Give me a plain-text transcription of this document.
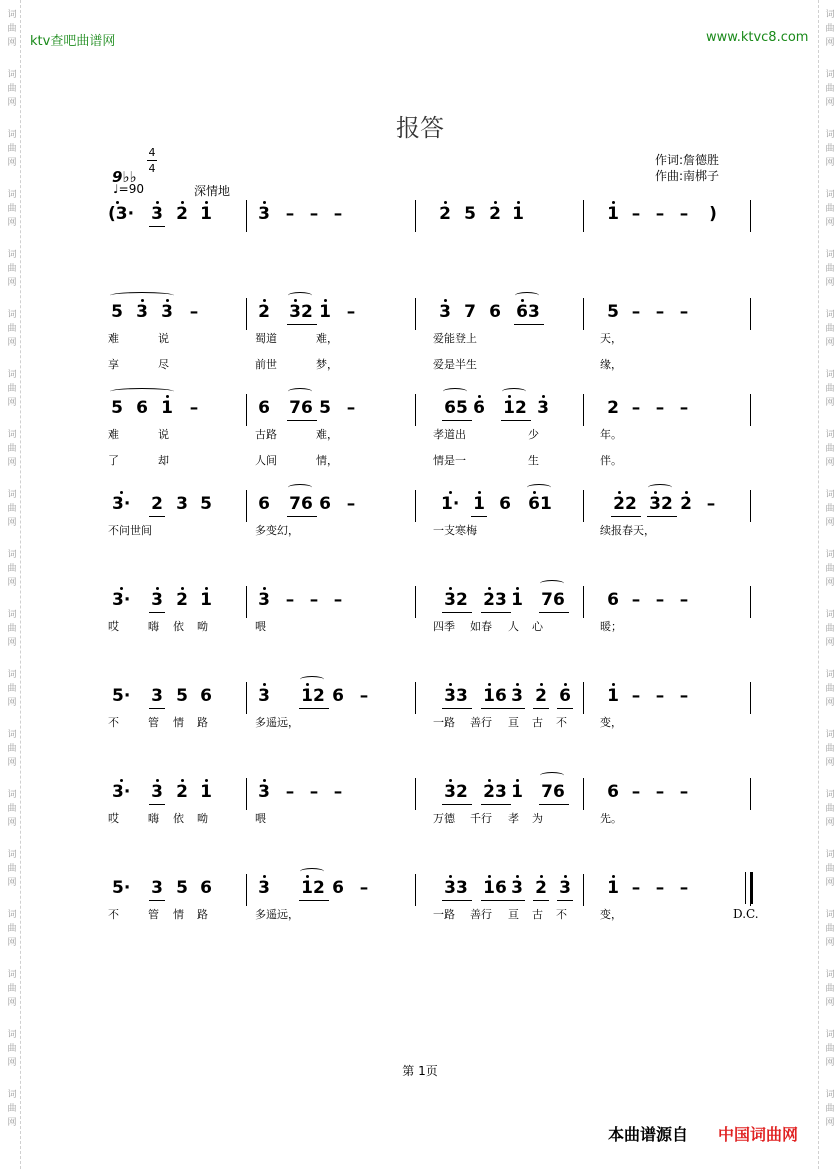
词
曲
网
词
曲
网
词
曲
网
词
曲
网
词
曲
网
词
曲
网
词
曲
网
词
曲
网
词
曲
网
词
曲
网
词
曲
网
词
曲
网
词
曲
网
词
曲
网
词
曲
网
词
曲
网
词
曲
网
词
曲
网
词
曲
网
词
曲
网
词
曲
网
词
曲
网
词
曲
网
词
曲
网
词
曲
网
词
曲
网
词
曲
网
词
曲
网
词
曲
网
词
曲
网
词
曲
网
词
曲
网
词
曲
网
词
曲
网
词
曲
网
词
曲
网
词
曲
网
词
曲
网
ktv查吧曲谱网	www.ktvc8.com
报答
作词:詹德胜
作曲:南梆子
9♭♭
4
4
♩=90	深情地
(3· 3 2 1	3 – – –	2 5 2 1	1 – – –	)
5 3 3 –	2 32 1 –	3 7 6 63	5 – – –
难	说	蜀道	难，	爱能登上	天，
享	尽	前世	梦，	爱是半生	缘，
5 6 1 –	6 76 5 –	65 6 12 3	2 – – –
难	说	古路	难，	孝道出	少	年。
了	却	人间	情，	情是一	生	伴。
3· 2 3 5	6 76 6 –	1· 1 6 61	22 32 2 –
不问世间	多变幻，	一支寒梅	续报春天，
3· 3 2 1	3 – – –	32 23 1 76 6 – – –
哎	嗨 依 呦	喂	四季 如春 人 心	暖；
5· 3 5 6	3 12 6 –	33 16 3 2 6 1 – – –
不	管 情 路	多遥远，	一路 善行 亘 古 不	变，
3· 3 2 1	3 – – –	32 23 1 76 6 – – –
哎	嗨 依 呦	喂	万德 千行 孝 为	先。
5· 3 5 6	3 12 6 –	33 16 3 2 3 1 – – –
不	管 情 路	多遥远，	一路 善行 亘 古 不	变，	D.C.
第 1页
本曲谱源自 中国词曲网
